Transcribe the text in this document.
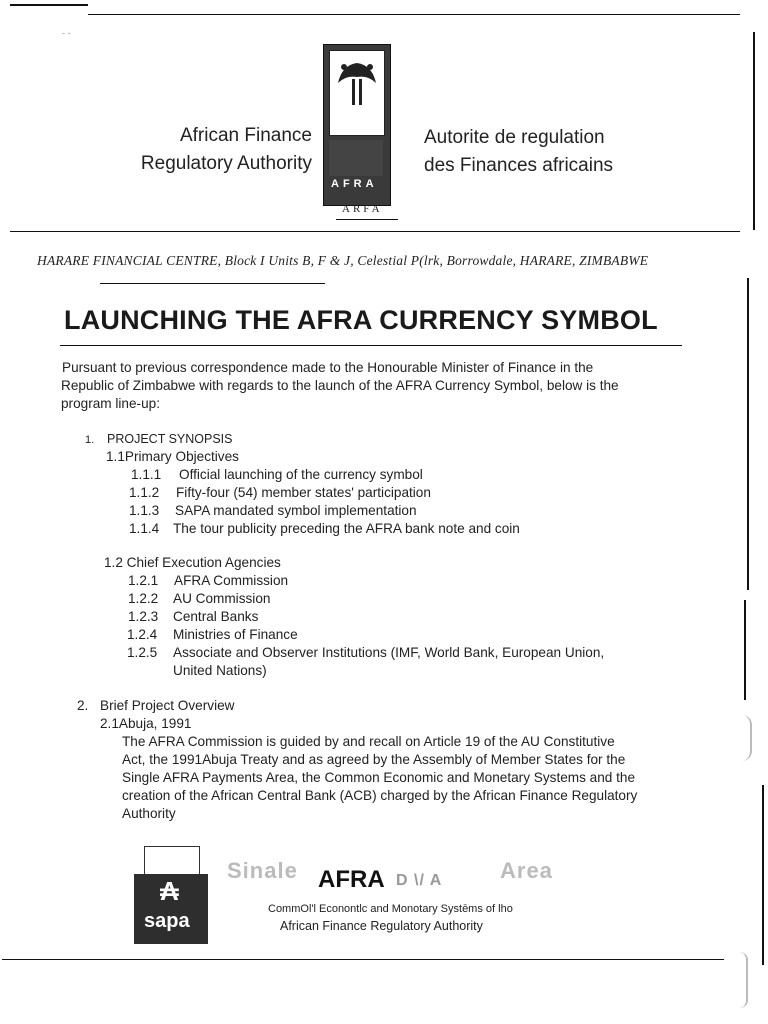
- -
African Finance
Regulatory Authority
AFRA
ARFA
Autorite de regulation
des Finances africains
HARARE FINANCIAL CENTRE, Block I Units B, F & J, Celestial P(lrk, Borrowdale, HARARE, ZIMBABWE
LAUNCHING THE AFRA CURRENCY SYMBOL
Pursuant to previous correspondence made to the Honourable Minister of Finance in the
Republic of Zimbabwe with regards to the launch of the AFRA Currency Symbol, below is the
program line-up:
1. PROJECT SYNOPSIS
1.1Primary Objectives
1.1.1 Official launching of the currency symbol
1.1.2 Fifty-four (54) member states' participation
1.1.3 SAPA mandated symbol implementation
1.1.4 The tour publicity preceding the AFRA bank note and coin
1.2 Chief Execution Agencies
1.2.1 AFRA Commission
1.2.2 AU Commission
1.2.3 Central Banks
1.2.4 Ministries of Finance
1.2.5 Associate and Observer Institutions (IMF, World Bank, European Union,
United Nations)
2. Brief Project Overview
2.1Abuja, 1991
The AFRA Commission is guided by and recall on Article 19 of the AU Constitutive
Act, the 1991Abuja Treaty and as agreed by the Assembly of Member States for the
Single AFRA Payments Area, the Common Economic and Monetary Systems and the
creation of the African Central Bank (ACB) charged by the African Finance Regulatory
Authority
₳
sapa
Sinale AFRA D \/ A	Area
CommOl'l Econontlc and Monotary Systēms of lho
African Finance Regulatory Authority
